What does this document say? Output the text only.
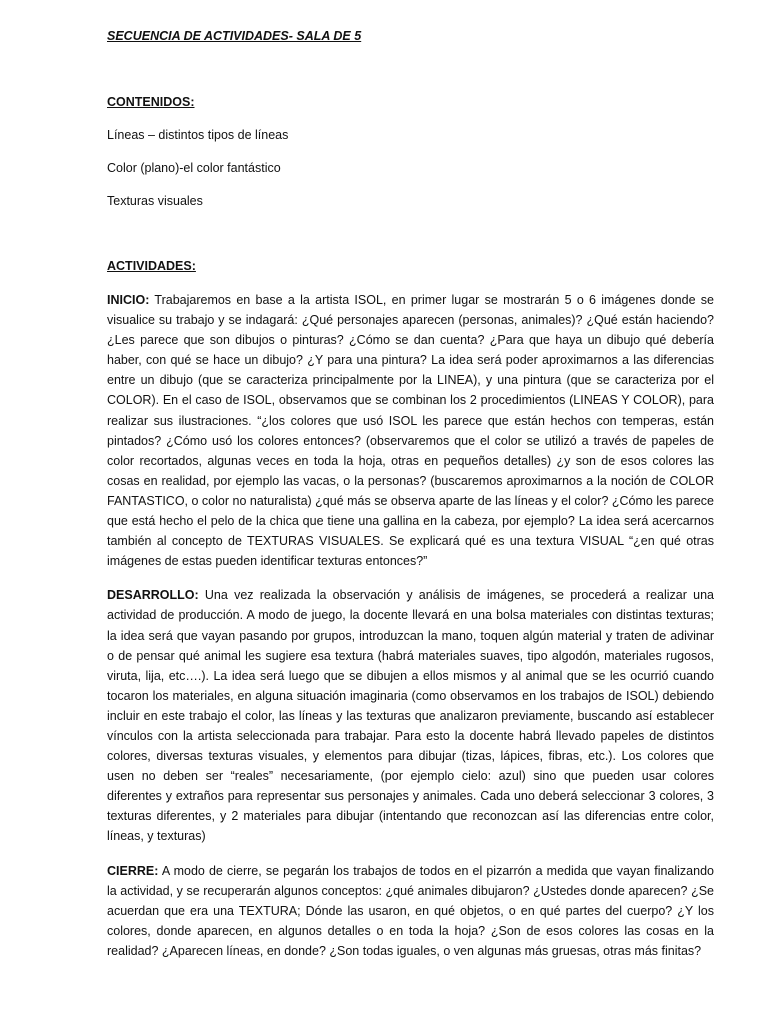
SECUENCIA DE ACTIVIDADES- SALA DE 5

CONTENIDOS:

Líneas – distintos tipos de líneas

Color (plano)-el color fantástico

Texturas visuales

ACTIVIDADES:

INICIO: Trabajaremos en base a la artista ISOL, en primer lugar se mostrarán 5 o 6 imágenes donde se visualice su trabajo y se indagará: ¿Qué personajes aparecen (personas, animales)? ¿Qué están haciendo? ¿Les parece que son dibujos o pinturas? ¿Cómo se dan cuenta? ¿Para que haya un dibujo qué debería haber, con qué se hace un dibujo? ¿Y para una pintura? La idea será poder aproximarnos a las diferencias entre un dibujo (que se caracteriza principalmente por la LINEA), y una pintura (que se caracteriza por el COLOR). En el caso de ISOL, observamos que se combinan los 2 procedimientos (LINEAS Y COLOR), para realizar sus ilustraciones. “¿los colores que usó ISOL les parece que están hechos con temperas, están pintados? ¿Cómo usó los colores entonces? (observaremos que el color se utilizó a través de papeles de color recortados, algunas veces en toda la hoja, otras en pequeños detalles) ¿y son de esos colores las cosas en realidad, por ejemplo las vacas, o la personas? (buscaremos aproximarnos a la noción de COLOR FANTASTICO, o color no naturalista) ¿qué más se observa aparte de las líneas y el color? ¿Cómo les parece que está hecho el pelo de la chica que tiene una gallina en la cabeza, por ejemplo? La idea será acercarnos también al concepto de TEXTURAS VISUALES. Se explicará qué es una textura VISUAL “¿en qué otras imágenes de estas pueden identificar texturas entonces?”

DESARROLLO: Una vez realizada la observación y análisis de imágenes, se procederá a realizar una actividad de producción. A modo de juego, la docente llevará en una bolsa materiales con distintas texturas; la idea será que vayan pasando por grupos, introduzcan la mano, toquen algún material y traten de adivinar o de pensar qué animal les sugiere esa textura (habrá materiales suaves, tipo algodón, materiales rugosos, viruta, lija, etc….). La idea será luego que se dibujen a ellos mismos y al animal que se les ocurrió cuando tocaron los materiales, en alguna situación imaginaria (como observamos en los trabajos de ISOL) debiendo incluir en este trabajo el color, las líneas y las texturas que analizaron previamente, buscando así establecer vínculos con la artista seleccionada para trabajar. Para esto la docente habrá llevado papeles de distintos colores, diversas texturas visuales, y elementos para dibujar (tizas, lápices, fibras, etc.). Los colores que usen no deben ser “reales” necesariamente, (por ejemplo cielo: azul) sino que pueden usar colores diferentes y extraños para representar sus personajes y animales. Cada uno deberá seleccionar 3 colores, 3 texturas diferentes, y 2 materiales para dibujar (intentando que reconozcan así las diferencias entre color, líneas, y texturas)

CIERRE: A modo de cierre, se pegarán los trabajos de todos en el pizarrón a medida que vayan finalizando la actividad, y se recuperarán algunos conceptos: ¿qué animales dibujaron? ¿Ustedes donde aparecen? ¿Se acuerdan que era una TEXTURA; Dónde las usaron, en qué objetos, o en qué partes del cuerpo? ¿Y los colores, donde aparecen, en algunos detalles o en toda la hoja? ¿Son de esos colores las cosas en la realidad? ¿Aparecen líneas, en donde? ¿Son todas iguales, o ven algunas más gruesas, otras más finitas?
